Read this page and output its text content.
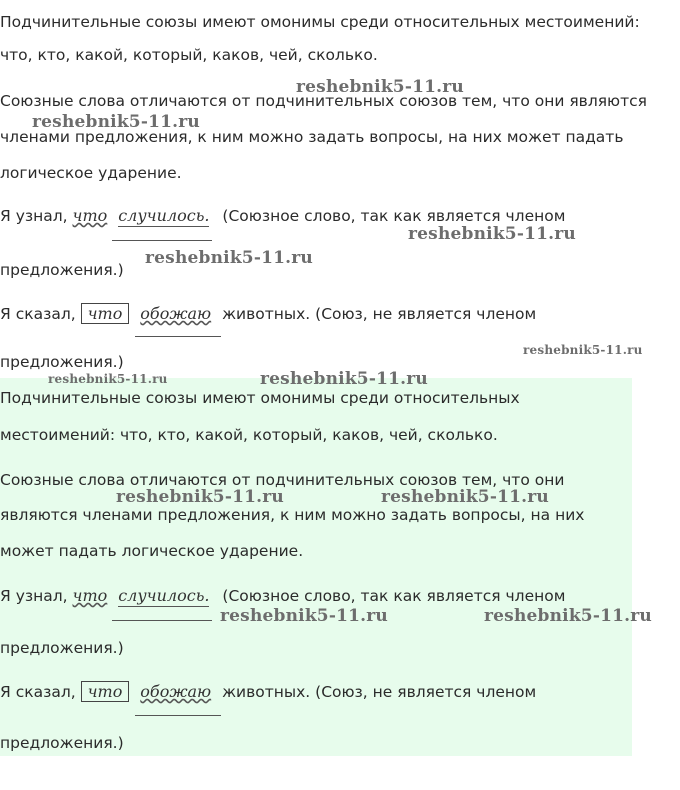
Подчинительные союзы имеют омонимы среди относительных местоимений:
что, кто, какой, который, каков, чей, сколько.
Союзные слова отличаются от подчинительных союзов тем, что они являются
членами предложения, к ним можно задать вопросы, на них может падать
логическое ударение.
Я узнал, что случилось. (Союзное слово, так как является членом
предложения.)
Я сказал, что обожаю животных. (Союз, не является членом
предложения.)
Подчинительные союзы имеют омонимы среди относительных
местоимений: что, кто, какой, который, каков, чей, сколько.
Союзные слова отличаются от подчинительных союзов тем, что они
являются членами предложения, к ним можно задать вопросы, на них
может падать логическое ударение.
Я узнал, что случилось. (Союзное слово, так как является членом
предложения.)
Я сказал, что обожаю животных. (Союз, не является членом
предложения.)
reshebnik5-11.ru
reshebnik5-11.ru
reshebnik5-11.ru
reshebnik5-11.ru
reshebnik5-11.ru
reshebnik5-11.ru	reshebnik5-11.ru
reshebnik5-11.ru	reshebnik5-11.ru
reshebnik5-11.ru	reshebnik5-11.ru
